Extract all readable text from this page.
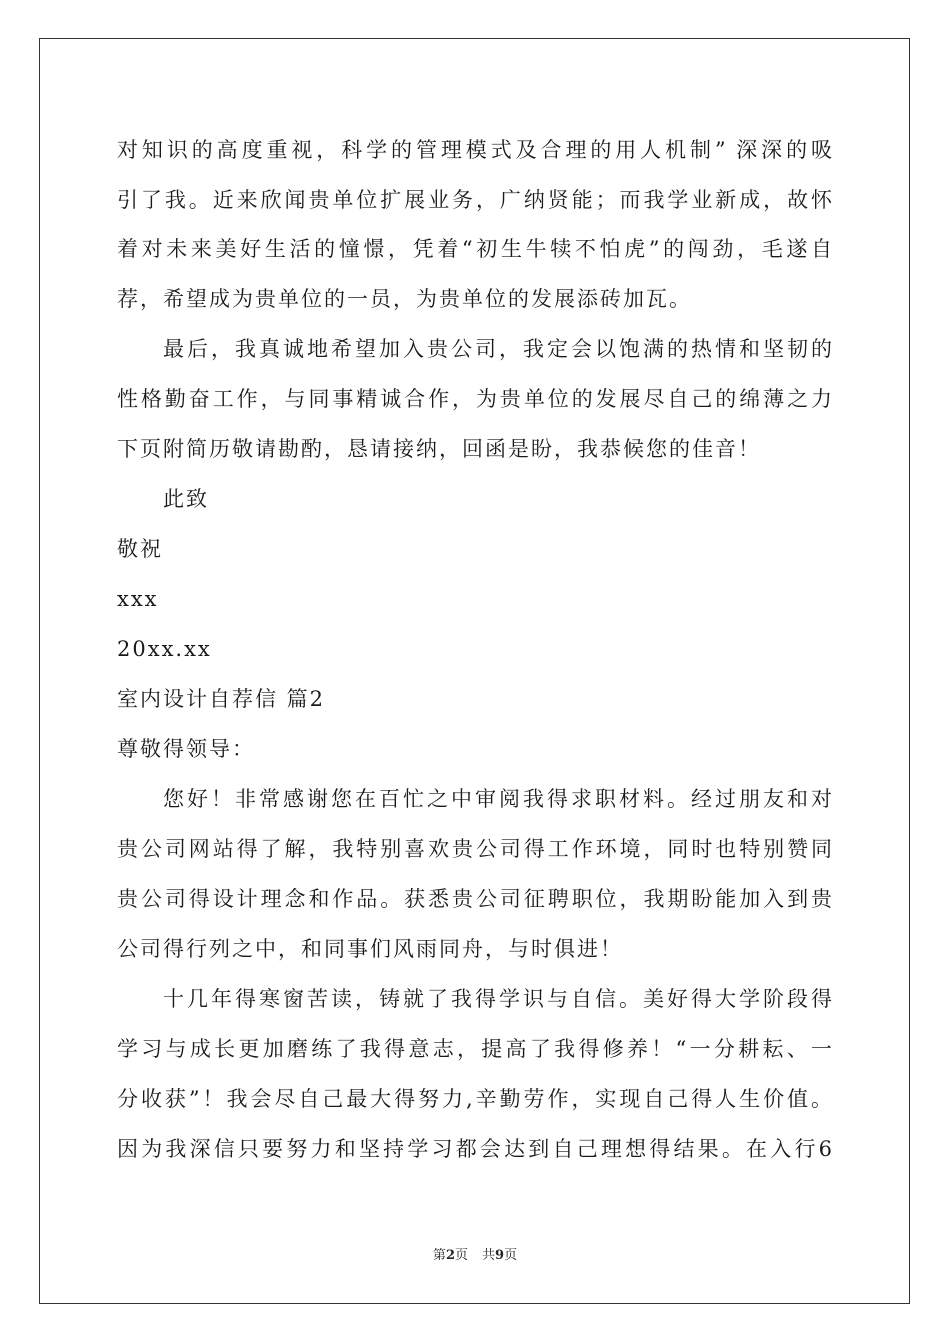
对知识的高度重视，科学的管理模式及合理的用人机制” 深深的吸
引了我。近来欣闻贵单位扩展业务，广纳贤能；而我学业新成，故怀
着对未来美好生活的憧憬，凭着“初生牛犊不怕虎”的闯劲，毛遂自
荐，希望成为贵单位的一员，为贵单位的发展添砖加瓦。
最后，我真诚地希望加入贵公司，我定会以饱满的热情和坚韧的
性格勤奋工作，与同事精诚合作，为贵单位的发展尽自己的绵薄之力
下页附简历敬请勘酌，恳请接纳，回函是盼，我恭候您的佳音！
此致
敬祝
xxx
20xx.xx
室内设计自荐信 篇2
尊敬得领导：
您好！非常感谢您在百忙之中审阅我得求职材料。经过朋友和对
贵公司网站得了解，我特别喜欢贵公司得工作环境，同时也特别赞同
贵公司得设计理念和作品。获悉贵公司征聘职位，我期盼能加入到贵
公司得行列之中，和同事们风雨同舟，与时俱进！
十几年得寒窗苦读，铸就了我得学识与自信。美好得大学阶段得
学习与成长更加磨练了我得意志，提高了我得修养！“一分耕耘、一
分收获”！我会尽自己最大得努力,辛勤劳作，实现自己得人生价值。
因为我深信只要努力和坚持学习都会达到自己理想得结果。在入行6
第2页 共9页
